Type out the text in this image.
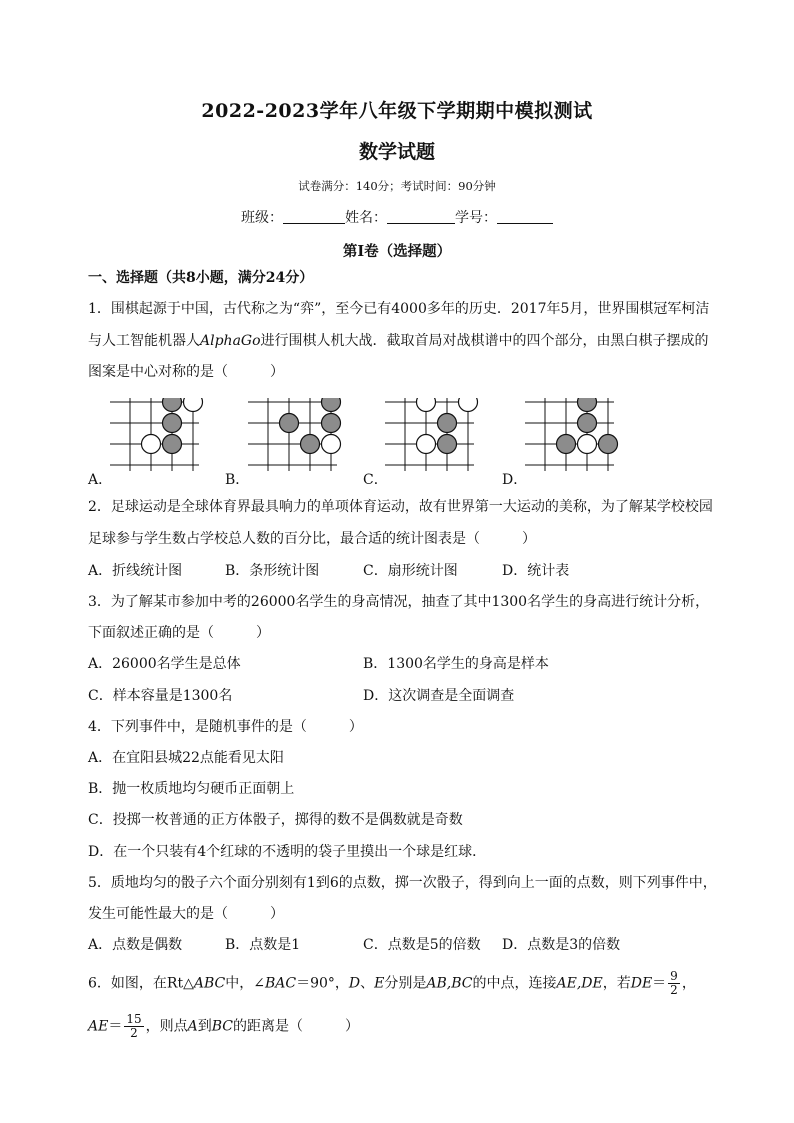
2022-2023学年八年级下学期期中模拟测试
数学试题
试卷满分：140分；考试时间：90分钟
班级：	姓名：	学号：
第Ⅰ卷（选择题）
一、选择题（共8小题，满分24分）
1．围棋起源于中国，古代称之为“弈”，至今已有4000多年的历史．2017年5月，世界围棋冠军柯洁
与人工智能机器人AlphaGo进行围棋人机大战．截取首局对战棋谱中的四个部分，由黑白棋子摆成的
图案是中心对称的是（　　　）
A．	B．	C．	D．
2．足球运动是全球体育界最具响力的单项体育运动，故有世界第一大运动的美称，为了解某学校校园
足球参与学生数占学校总人数的百分比，最合适的统计图表是（　　　）
A．折线统计图	B．条形统计图	C．扇形统计图	D．统计表
3．为了解某市参加中考的26000名学生的身高情况，抽查了其中1300名学生的身高进行统计分析，
下面叙述正确的是（　　　）
A．26000名学生是总体	B．1300名学生的身高是样本
C．样本容量是1300名	D．这次调查是全面调查
4．下列事件中，是随机事件的是（　　　）
A．在宜阳县城22点能看见太阳
B．抛一枚质地均匀硬币正面朝上
C．投掷一枚普通的正方体骰子，掷得的数不是偶数就是奇数
D．在一个只装有4个红球的不透明的袋子里摸出一个球是红球．
5．质地均匀的骰子六个面分别刻有1到6的点数，掷一次骰子，得到向上一面的点数，则下列事件中，
发生可能性最大的是（　　　）
A．点数是偶数	B．点数是1	C．点数是5的倍数 D．点数是3的倍数
6．如图，在Rt△ABC中，∠BAC＝90°，D、E分别是AB,BC的中点，连接AE,DE，若$DE= \frac{9}{2}$ ，
$AE= \frac{15}{2}$ ，则点A到BC的距离是（　　　）
